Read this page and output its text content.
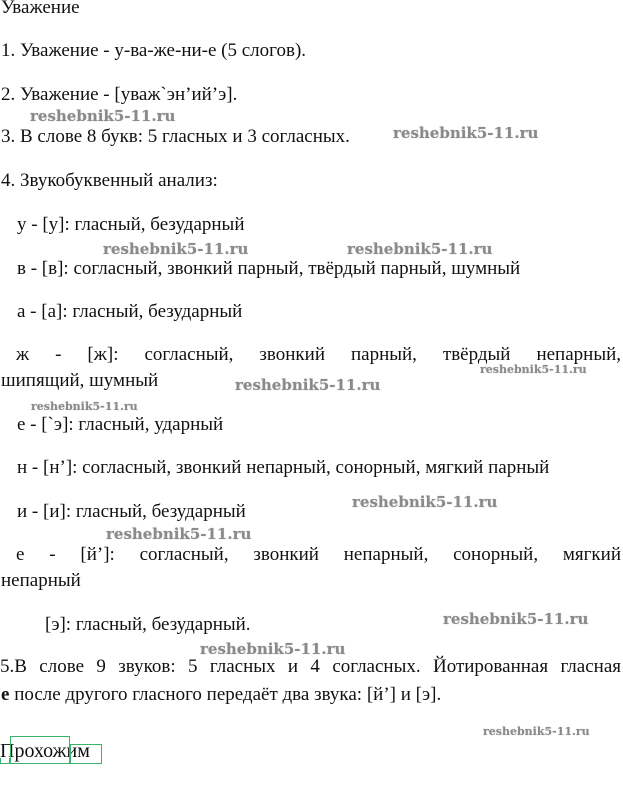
Уважение
1. Уважение - у-ва-же-ни-е (5 слогов).
2. Уважение - [уваж`эн’ий’э].
3. В слове 8 букв: 5 гласных и 3 согласных.
4. Звукобуквенный анализ:
у - [у]: гласный, безударный
в - [в]: согласный, звонкий парный, твёрдый парный, шумный
а - [а]: гласный, безударный
ж - [ж]: согласный, звонкий парный, твёрдый непарный,
шипящий, шумный
е - [`э]: гласный, ударный
н - [н’]: согласный, звонкий непарный, сонорный, мягкий парный
и - [и]: гласный, безударный
е - [й’]: согласный, звонкий непарный, сонорный, мягкий
непарный
[э]: гласный, безударный.
5.В слове 9 звуков: 5 гласных и 4 согласных. Йотированная гласная
е после другого гласного передаёт два звука: [й’] и [э].
reshebnik5-11.ru
reshebnik5-11.ru
reshebnik5-11.ru	reshebnik5-11.ru
reshebnik5-11.ru
reshebnik5-11.ru
reshebnik5-11.ru
reshebnik5-11.ru
reshebnik5-11.ru
reshebnik5-11.ru
reshebnik5-11.ru
reshebnik5-11.ru
Прохожим
